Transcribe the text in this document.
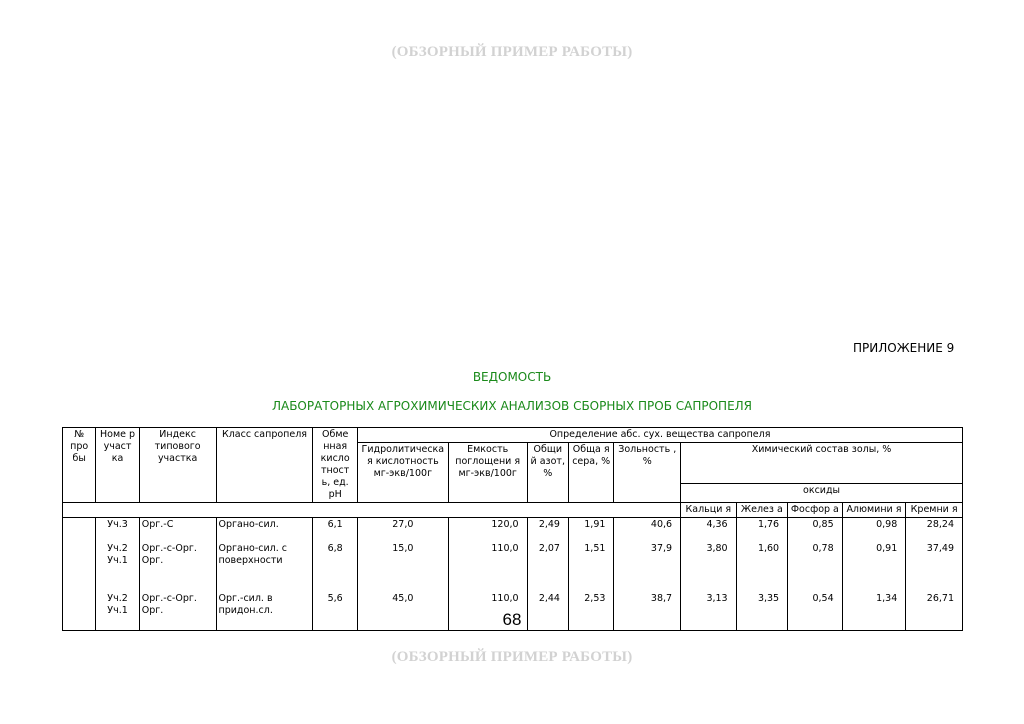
(ОБЗОРНЫЙ ПРИМЕР РАБОТЫ)
ПРИЛОЖЕНИЕ 9
ВЕДОМОСТЬ
ЛАБОРАТОРНЫХ АГРОХИМИЧЕСКИХ АНАЛИЗОВ СБОРНЫХ ПРОБ САПРОПЕЛЯ
№ про бы	Номе р участ ка	Индекс типового участка	Класс сапропеля	Обме нная кисло тност ь, ед. pH	Определение абс. сух. вещества сапропеля									
					Гидролитическа я кислотность мг-экв/100г	Емкость поглощени я мг-экв/100г	Общи й азот, %	Обща я сера, %	Зольность , %	Химический состав золы, %				
										оксиды				
										Кальци я	Желез а	Фосфор а	Алюмини я	Кремни я

	Уч.3	Орг.-С	Органо-сил.	6,1	27,0	120,0	2,49	1,91	40,6	4,36	1,76	0,85	0,98	28,24

	Уч.2 Уч.1	Орг.-с-Орг. Орг.	Органо-сил. с поверхности	6,8	15,0	110,0	2,07	1,51	37,9	3,80	1,60	0,78	0,91	37,49

	Уч.2 Уч.1	Орг.-с-Орг. Орг.	Орг.-сил. в придон.сл.	5,6	45,0	110,0	2,44	2,53	38,7	3,13	3,35	0,54	1,34	26,71
68
(ОБЗОРНЫЙ ПРИМЕР РАБОТЫ)
